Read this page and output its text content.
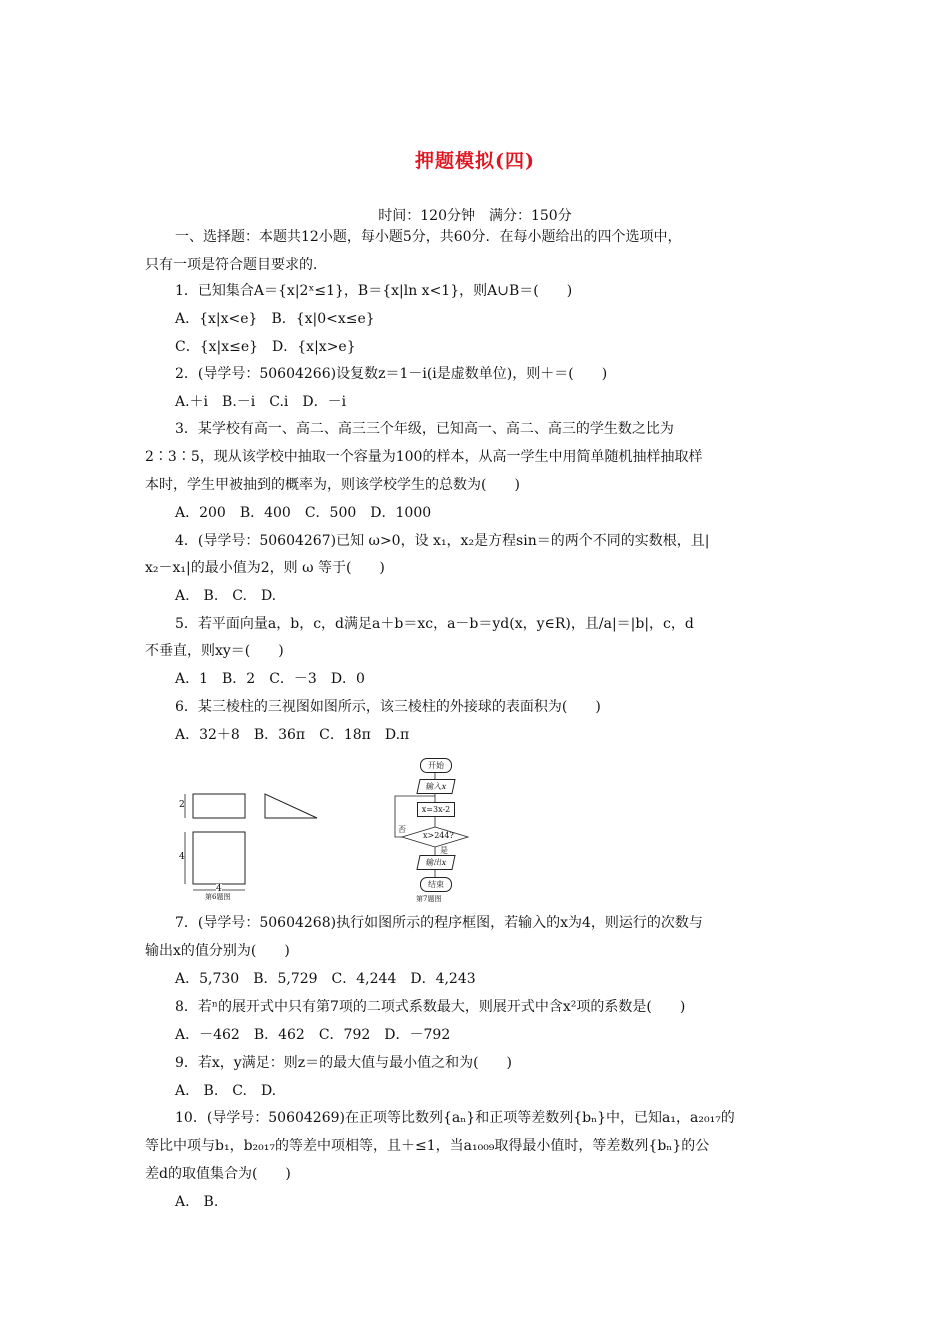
押题模拟(四)
时间：120分钟　满分：150分
一、选择题：本题共12小题，每小题5分，共60分．在每小题给出的四个选项中，
只有一项是符合题目要求的．
1．已知集合A＝{x|2ˣ≤1}，B＝{x|ln x<1}，则A∪B＝(　　)
A．{x|x<e}　B．{x|0<x≤e}
C．{x|x≤e}　D．{x|x>e}
2．(导学号：50604266)设复数z＝1－i(i是虚数单位)，则＋＝(　　)
A.＋i　B.－i　C.i　D．－i
3．某学校有高一、高二、高三三个年级，已知高一、高二、高三的学生数之比为
2∶3∶5，现从该学校中抽取一个容量为100的样本，从高一学生中用简单随机抽样抽取样
本时，学生甲被抽到的概率为，则该学校学生的总数为(　　)
A．200　B．400　C．500　D．1000
4．(导学号：50604267)已知 ω>0，设 x₁，x₂是方程sin＝的两个不同的实数根，且|
x₂－x₁|的最小值为2，则 ω 等于(　　)
A.　B.　C.　D.
5．若平面向量a，b，c，d满足a＋b＝xc，a－b＝yd(x，y∈R)，且/a|＝|b|，c，d
不垂直，则xy＝(　　)
A．1　B．2　C．－3　D．0
6．某三棱柱的三视图如图所示，该三棱柱的外接球的表面积为(　　)
A．32＋8　B．36π　C．18π　D.π
2
4
4
第6题图
开始
输入x
x=3x-2
x>244?
否
是
输出x
结束
第7题图
7．(导学号：50604268)执行如图所示的程序框图，若输入的x为4，则运行的次数与
输出x的值分别为(　　)
A．5,730　B．5,729　C．4,244　D．4,243
8．若ⁿ的展开式中只有第7项的二项式系数最大，则展开式中含x²项的系数是(　　)
A．－462　B．462　C．792　D．－792
9．若x，y满足：则z＝的最大值与最小值之和为(　　)
A.　B.　C.　D.
10．(导学号：50604269)在正项等比数列{aₙ}和正项等差数列{bₙ}中，已知a₁，a₂₀₁₇的
等比中项与b₁，b₂₀₁₇的等差中项相等，且＋≤1，当a₁₀₀₉取得最小值时，等差数列{bₙ}的公
差d的取值集合为(　　)
A.　B.
